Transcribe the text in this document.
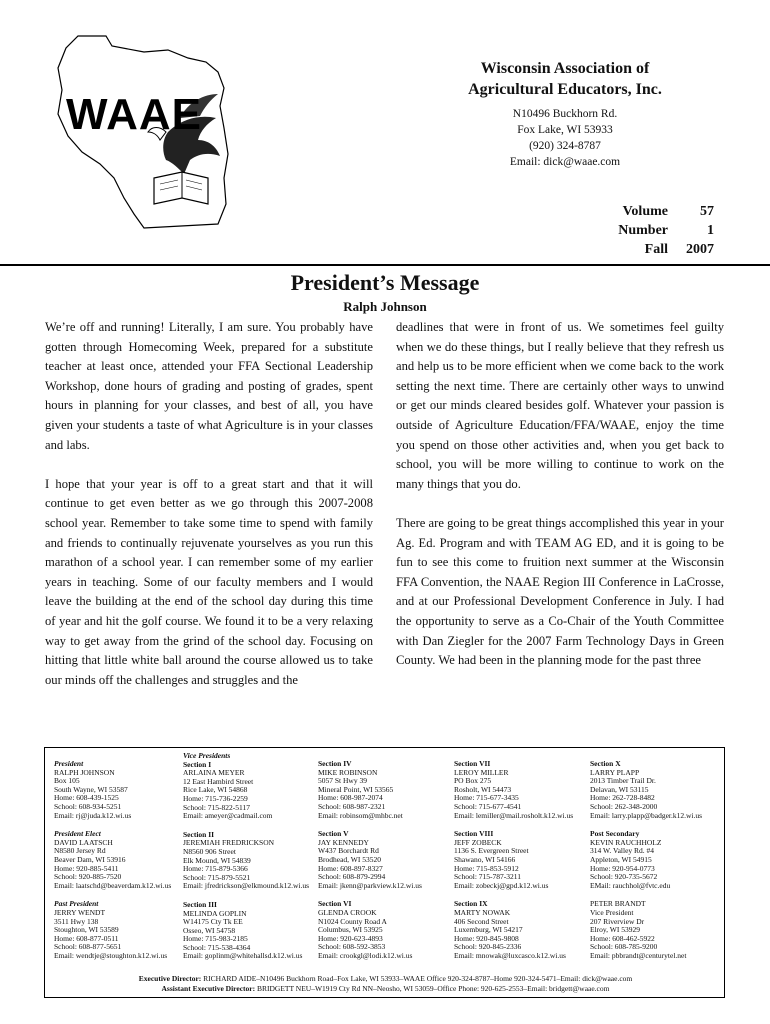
WAAE
Wisconsin Association of
Agricultural Educators, Inc.
N10496 Buckhorn Rd.
Fox Lake, WI 53933
(920) 324-8787
Email: dick@waae.com
Volume 57
Number	1
Fall 2007
President’s Message
Ralph Johnson

We’re off and running! Literally, I am sure. You probably have gotten through Homecoming Week, prepared for a substitute teacher at least once, attended your FFA Sectional Leadership Workshop, done hours of grading and posting of grades, spent hours in planning for your classes, and best of all, you have given your students a taste of what Agriculture is in your classes and labs.

I hope that your year is off to a great start and that it will continue to get even better as we go through this 2007-2008 school year. Remember to take some time to spend with family and friends to continually rejuvenate yourselves as you run this marathon of a school year. I can remember some of my earlier years in teaching. Some of our faculty members and I would leave the building at the end of the school day during this time of year and hit the golf course. We found it to be a very relaxing way to get away from the grind of the school day. Focusing on hitting that little white ball around the course allowed us to take our minds off the challenges and struggles and the

deadlines that were in front of us. We sometimes feel guilty when we do these things, but I really believe that they refresh us and help us to be more efficient when we come back to the work setting the next time. There are certainly other ways to unwind or get our minds cleared besides golf. Whatever your passion is outside of Agriculture Education/FFA/WAAE, enjoy the time you spend on those other activities and, when you get back to school, you will be more willing to continue to work on the many things that you do.

There are going to be great things accomplished this year in your Ag. Ed. Program and with TEAM AG ED, and it is going to be fun to see this come to fruition next summer at the Wisconsin FFA Convention, the NAAE Region III Conference in LaCrosse, and at our Professional Development Conference in July. I had the opportunity to serve as a Co-Chair of the Youth Committee with Dan Ziegler for the 2007 Farm Technology Days in Green County. We had been in the planning mode for the past three

President
RALPH JOHNSON
Box 105
South Wayne, WI 53587
Home: 608-439-1525
School: 608-934-5251
Email: rj@juda.k12.wi.us
President Elect
DAVID LAATSCH
N8580 Jersey Rd
Beaver Dam, WI 53916
Home: 920-885-5411
School: 920-885-7520
Email: laatschd@beaverdam.k12.wi.us
Past President
JERRY WENDT
3511 Hwy 138
Stoughton, WI 53589
Home: 608-877-0511
School: 608-877-5651
Email: wendtje@stoughton.k12.wi.us
Vice Presidents
Section I
ARLAINA MEYER
12 East Hambird Street
Rice Lake, WI 54868
Home: 715-736-2259
School: 715-822-5117
Email: ameyer@cadmail.com
Section II
JEREMIAH FREDRICKSON
N8560 906 Street
Elk Mound, WI 54839
Home: 715-879-5366
School: 715-879-5521
Email: jfredrickson@elkmound.k12.wi.us
Section III
MELINDA GOPLIN
W14175 Cty Tk EE
Osseo, WI 54758
Home: 715-983-2185
School: 715-538-4364
Email: goplinm@whitehallsd.k12.wi.us
Section IV
MIKE ROBINSON
5057 St Hwy 39
Mineral Point, WI 53565
Home: 608-987-2074
School: 608-987-2321
Email: robinsom@mhbc.net
Section V
JAY KENNEDY
W437 Borchardt Rd
Brodhead, WI 53520
Home: 608-897-8327
School: 608-879-2994
Email: jkenn@parkview.k12.wi.us
Section VI
GLENDA CROOK
N1024 County Road A
Columbus, WI 53925
Home: 920-623-4893
School: 608-592-3853
Email: crookgl@lodi.k12.wi.us
Section VII
LEROY MILLER
PO Box 275
Rosholt, WI 54473
Home: 715-677-3435
School: 715-677-4541
Email: lemiller@mail.rosholt.k12.wi.us
Section VIII
JEFF ZOBECK
1136 S. Evergreen Street
Shawano, WI 54166
Home: 715-853-5912
School: 715-787-3211
Email: zobeckj@gpd.k12.wi.us
Section IX
MARTY NOWAK
406 Second Street
Luxemburg, WI 54217
Home: 920-845-9808
School: 920-845-2336
Email: mnowak@luxcasco.k12.wi.us
Section X
LARRY PLAPP
2013 Timber Trail Dr.
Delavan, WI 53115
Home: 262-728-8482
School: 262-348-2000
Email: larry.plapp@badger.k12.wi.us
Post Secondary
KEVIN RAUCHHOLZ
314 W. Valley Rd. #4
Appleton, WI 54915
Home: 920-954-0773
School: 920-735-5672
EMail: rauchhol@fvtc.edu
PETER BRANDT
Vice President
207 Riverview Dr
Elroy, WI 53929
Home: 608-462-5922
School: 608-785-9200
Email: pbbrandt@centurytel.net
Executive Director: RICHARD AIDE–N10496 Buckhorn Road–Fox Lake, WI 53933–WAAE Office 920-324-8787–Home 920-324-5471–Email: dick@waae.com
Assistant Executive Director: BRIDGETT NEU–W1919 Cty Rd NN–Neosho, WI 53059–Office Phone: 920-625-2553–Email: bridgett@waae.com
